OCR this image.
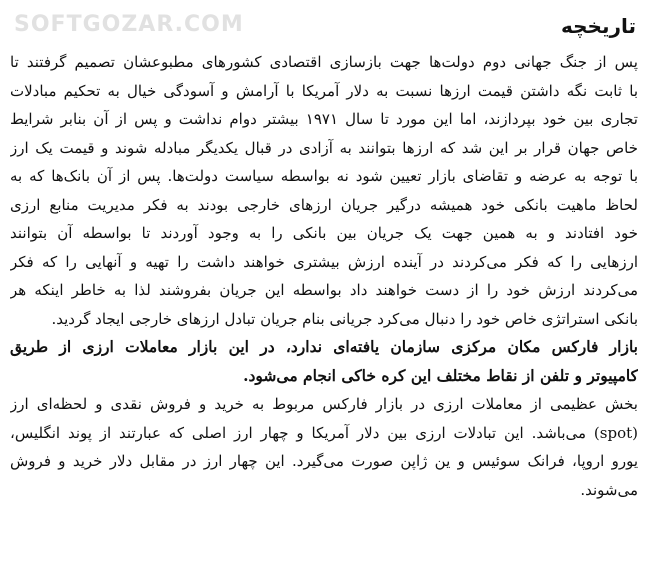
SOFTGOZAR.COM	تاریخچه
پس از جنگ جهانی دوم دولت‌ها جهت بازسازی اقتصادی کشورهای مطبوعشان تصمیم گرفتند تا
با ثابت نگه داشتن قیمت ارزها نسبت به دلار آمریکا با آرامش و آسودگی خیال به تحکیم مبادلات
تجاری بین خود بپردازند، اما این مورد تا سال ۱۹۷۱ بیشتر دوام نداشت و پس از آن بنابر شرایط
خاص جهان قرار بر این شد که ارزها بتوانند به آزادی در قبال یکدیگر مبادله شوند و قیمت یک ارز
با توجه به عرضه و تقاضای بازار تعیین شود نه بواسطه سیاست دولت‌ها. پس از آن بانک‌ها که به
لحاظ ماهیت بانکی خود همیشه درگیر جریان ارزهای خارجی بودند به فکر مدیریت منابع ارزی
خود افتادند و به همین جهت یک جریان بین بانکی را به وجود آوردند تا بواسطه آن بتوانند
ارزهایی را که فکر می‌کردند در آینده ارزش بیشتری خواهند داشت را تهیه و آنهایی را که فکر
می‌کردند ارزش خود را از دست خواهند داد بواسطه این جریان بفروشند لذا به خاطر اینکه هر
بانکی استراتژی خاص خود را دنبال می‌کرد جریانی بنام جریان تبادل ارزهای خارجی ایجاد گردید.
بازار فارکس مکان مرکزی سازمان یافته‌ای ندارد، در این بازار معاملات ارزی از طریق
کامپیوتر و تلفن از نقاط مختلف این کره خاکی انجام می‌شود.
بخش عظیمی از معاملات ارزی در بازار فارکس مربوط به خرید و فروش نقدی و لحظه‌ای ارز
(spot) می‌باشد. این تبادلات ارزی بین دلار آمریکا و چهار ارز اصلی که عبارتند از پوند انگلیس،
یورو اروپا، فرانک سوئیس و ین ژاپن صورت می‌گیرد. این چهار ارز در مقابل دلار خرید و فروش
می‌شوند.
